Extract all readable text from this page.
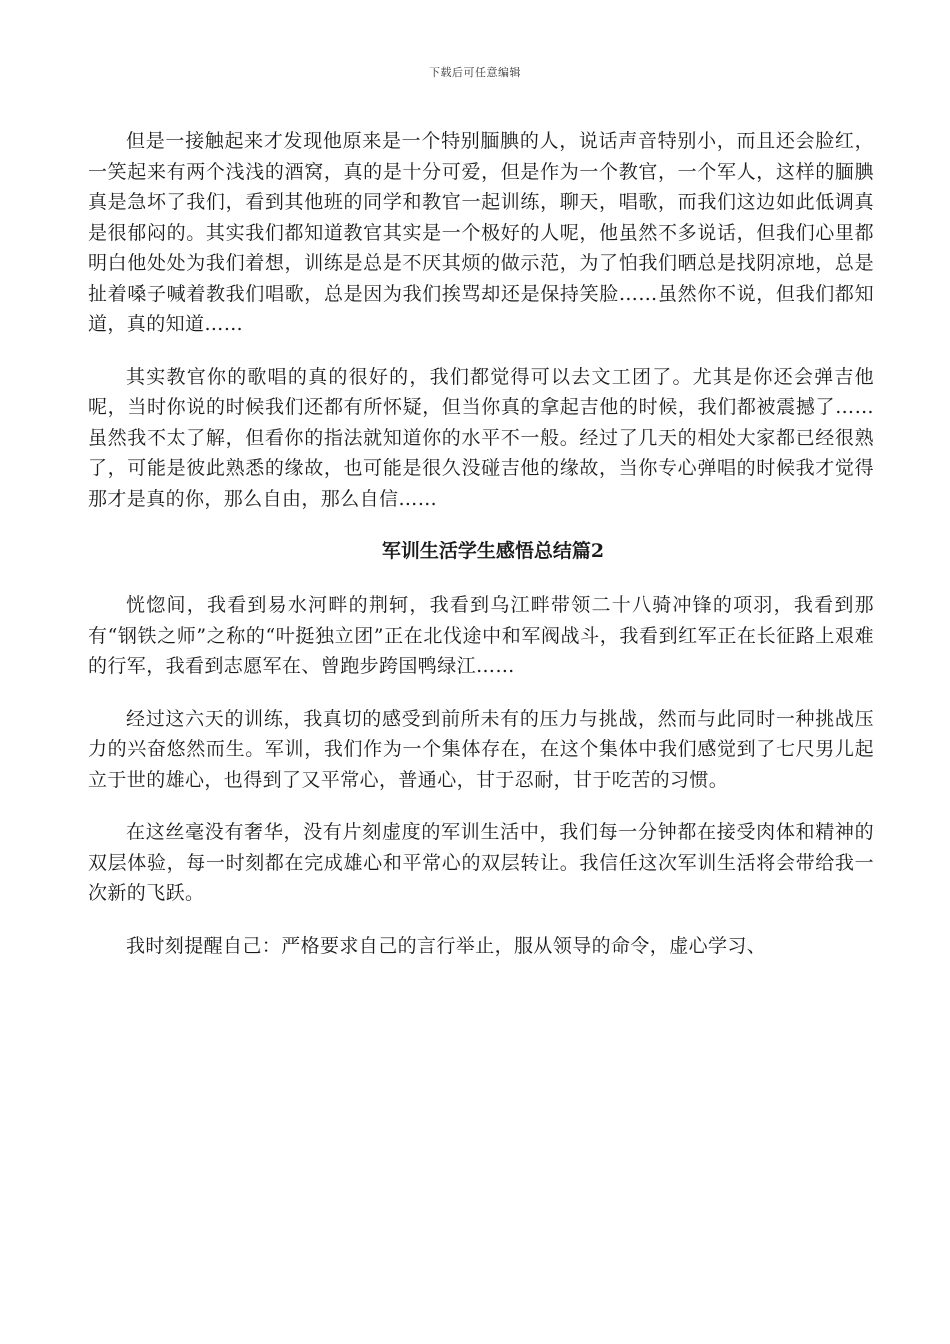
下载后可任意编辑

但是一接触起来才发现他原来是一个特别腼腆的人，说话声音特别小，而且还会脸红，一笑起来有两个浅浅的酒窝，真的是十分可爱，但是作为一个教官，一个军人，这样的腼腆真是急坏了我们，看到其他班的同学和教官一起训练，聊天，唱歌，而我们这边如此低调真是很郁闷的。其实我们都知道教官其实是一个极好的人呢，他虽然不多说话，但我们心里都明白他处处为我们着想，训练是总是不厌其烦的做示范，为了怕我们晒总是找阴凉地，总是扯着嗓子喊着教我们唱歌，总是因为我们挨骂却还是保持笑脸……虽然你不说，但我们都知道，真的知道……

其实教官你的歌唱的真的很好的，我们都觉得可以去文工团了。尤其是你还会弹吉他呢，当时你说的时候我们还都有所怀疑，但当你真的拿起吉他的时候，我们都被震撼了……虽然我不太了解，但看你的指法就知道你的水平不一般。经过了几天的相处大家都已经很熟了，可能是彼此熟悉的缘故，也可能是很久没碰吉他的缘故，当你专心弹唱的时候我才觉得那才是真的你，那么自由，那么自信……

军训生活学生感悟总结篇2

恍惚间，我看到易水河畔的荆轲，我看到乌江畔带领二十八骑冲锋的项羽，我看到那有“钢铁之师”之称的“叶挺独立团”正在北伐途中和军阀战斗，我看到红军正在长征路上艰难的行军，我看到志愿军在、曾跑步跨国鸭绿江……

经过这六天的训练，我真切的感受到前所未有的压力与挑战，然而与此同时一种挑战压力的兴奋悠然而生。军训，我们作为一个集体存在，在这个集体中我们感觉到了七尺男儿起立于世的雄心，也得到了又平常心，普通心，甘于忍耐，甘于吃苦的习惯。

在这丝毫没有奢华，没有片刻虚度的军训生活中，我们每一分钟都在接受肉体和精神的双层体验，每一时刻都在完成雄心和平常心的双层转让。我信任这次军训生活将会带给我一次新的飞跃。

我时刻提醒自己：严格要求自己的言行举止，服从领导的命令，虚心学习、
